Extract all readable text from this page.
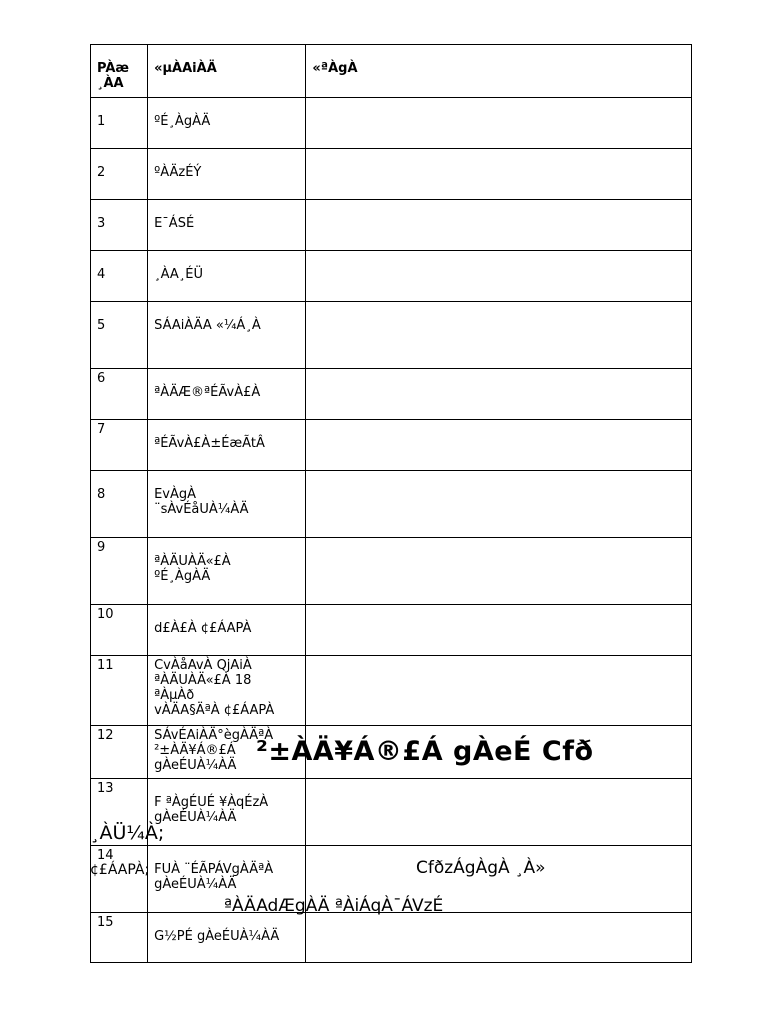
PÀæ ¸ÀA	«µÀAiÀÄ	«ªÀgÀ
1	ºÉ¸ÀgÀÄ	

2	ºÀÄzÉÝ	

3	E¯ÁSÉ	

4	¸ÀA¸ÉÜ	

5	SÁAiÀÄA «¼Á¸À	

6	ªÀÄÆ®ªÉÃvÀ£À	

7	ªÉÃvÀ£À±ÉæÃtÂ	

8	EvÀgÀ
¨sÀvÉåUÀ¼ÀÄ	

9	ªÀÄUÀÄ«£À
ºÉ¸ÀgÀÄ	

10	d£À£À ¢£ÁAPÀ	

11	CvÀåAvÀ QjAiÀ
ªÀÄUÀÄ«£À 18
ªÀµÀð
vÀÄA§ÄªÀ ¢£ÁAPÀ	

12	SÁvÉAiÀÄ°ègÀÄªÀ
²±ÀÄ¥Á®£Á
gÀeÉUÀ¼ÀÄ	

13	F ªÀgÉUÉ ¥ÀqÉzÀ
gÀeÉUÀ¼ÀÄ	

14	FUÀ ¨ÉÃPÁVgÀÄªÀ
gÀeÉUÀ¼ÀÄ	

15	G½PÉ gÀeÉUÀ¼ÀÄ	

²±ÀÄ¥Á®£Á gÀeÉ Cfð
¸ÀÜ¼À;
¢£ÁAPÀ;	CfðzÁgÀgÀ ¸À»
ªÀÄAdÆgÀÄ ªÀiÁqÀ¯ÁVzÉ
